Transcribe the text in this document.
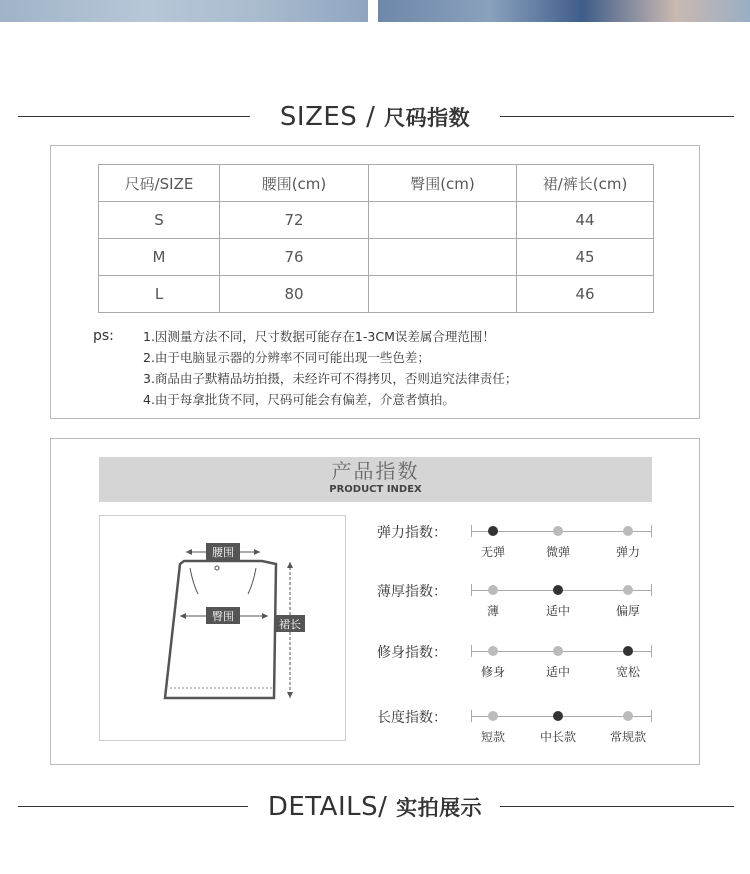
SIZES / 尺码指数
尺码/SIZE	腰围(cm)	臀围(cm)	裙/裤长(cm)
S	72		44
M	76		45
L	80		46
ps: 1.因测量方法不同，尺寸数据可能存在1-3CM误差属合理范围！
2.由于电脑显示器的分辨率不同可能出现一些色差；
3.商品由子默精品坊拍摄，未经许可不得拷贝，否则追究法律责任；
4.由于每拿批货不同，尺码可能会有偏差，介意者慎拍。
产品指数
PRODUCT INDEX
腰围
臀围
裙长
弹力指数：
无弹	微弹	弹力
薄厚指数：
薄	适中	偏厚
修身指数：
修身	适中	宽松
长度指数：
短款	中长款	常规款
DETAILS/ 实拍展示
